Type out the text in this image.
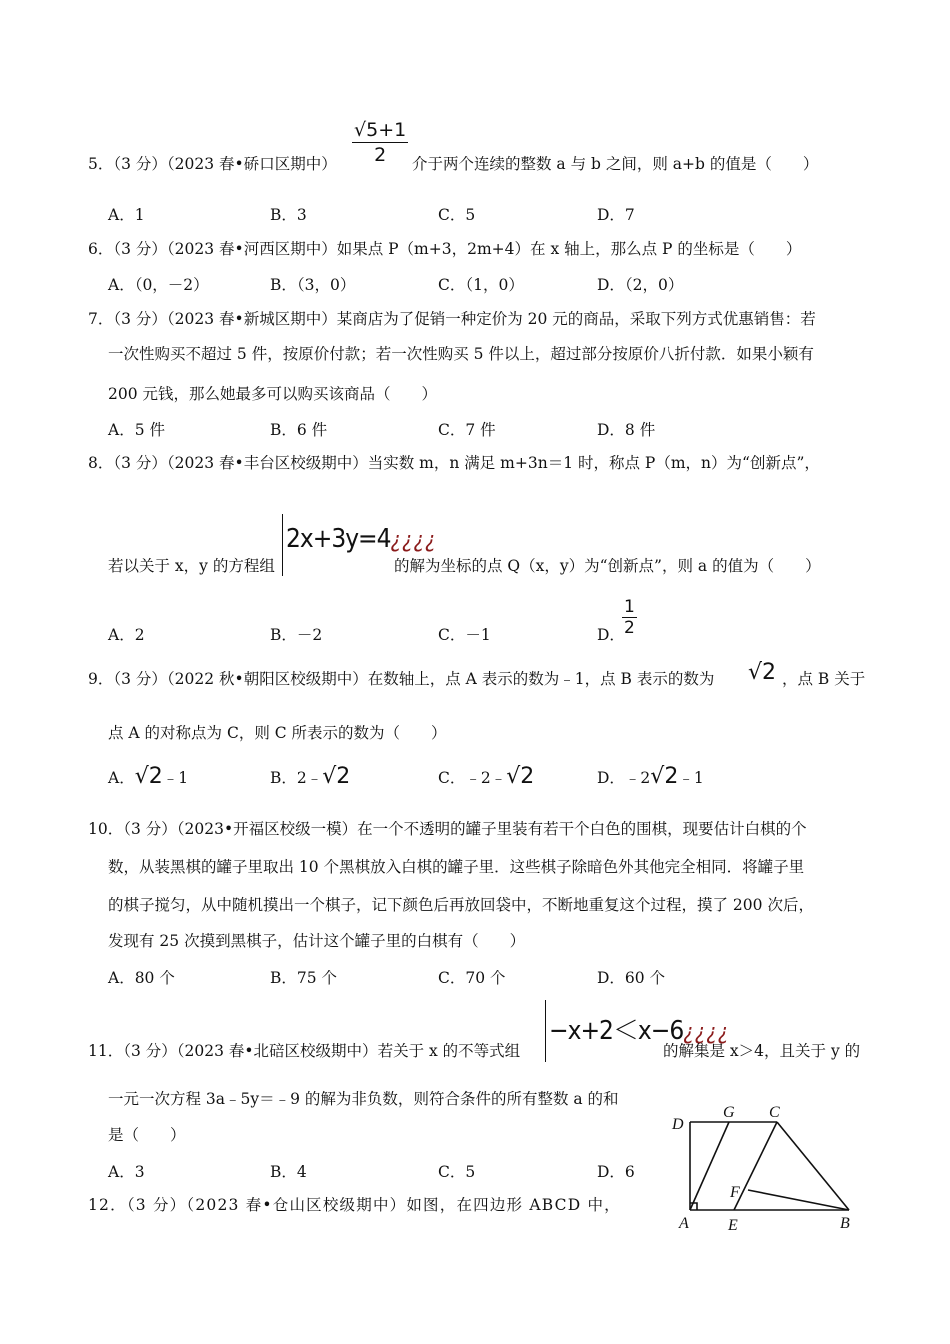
5．（3 分）（2023 春•硚口区期中） $\frac{√5+1}{2}$ 介于两个连续的整数 a 与 b 之间，则 a+b 的值是（　　）
A．1	B．3	C．5	D．7
6．（3 分）（2023 春•河西区期中）如果点 P（m+3，2m+4）在 x 轴上，那么点 P 的坐标是（　　）
A．（0，－2）	B．（3，0）	C．（1，0）	D．（2，0）
7．（3 分）（2023 春•新城区期中）某商店为了促销一种定价为 20 元的商品，采取下列方式优惠销售：若
一次性购买不超过 5 件，按原价付款；若一次性购买 5 件以上，超过部分按原价八折付款．如果小颖有
200 元钱，那么她最多可以购买该商品（　　）
A．5 件	B．6 件	C．7 件	D．8 件
8．（3 分）（2023 春•丰台区校级期中）当实数 m，n 满足 m+3n＝1 时，称点 P（m，n）为“创新点”，
若以关于 x，y 的方程组
2x+3y=4¿¿¿¿
的解为坐标的点 Q（x，y）为“创新点”，则 a 的值为（　　）
A．2	B．－2	C．－1	D．
$\frac{1}{2}$
9．（3 分）（2022 秋•朝阳区校级期中）在数轴上，点 A 表示的数为﹣1，点 B 表示的数为 √2 ，点 B 关于
点 A 的对称点为 C，则 C 所表示的数为（　　）
A．√2﹣1	B．2﹣√2	C．﹣2﹣√2	D．﹣2√2﹣1
10．（3 分）（2023•开福区校级一模）在一个不透明的罐子里装有若干个白色的围棋，现要估计白棋的个
数，从装黑棋的罐子里取出 10 个黑棋放入白棋的罐子里．这些棋子除暗色外其他完全相同．将罐子里
的棋子搅匀，从中随机摸出一个棋子，记下颜色后再放回袋中，不断地重复这个过程，摸了 200 次后，
发现有 25 次摸到黑棋子，估计这个罐子里的白棋有（　　）
A．80 个	B．75 个	C．70 个	D．60 个
11．（3 分）（2023 春•北碚区校级期中）若关于 x 的不等式组
−x+2＜x−6¿¿¿¿
的解集是 x＞4，且关于 y 的
一元一次方程 3a﹣5y＝﹣9 的解为非负数，则符合条件的所有整数 a 的和
是（　　）
A．3	B．4	C．5	D．6
12．（3 分）（2023 春•仓山区校级期中）如图，在四边形 ABCD 中，
D
G C
F
A E	B
